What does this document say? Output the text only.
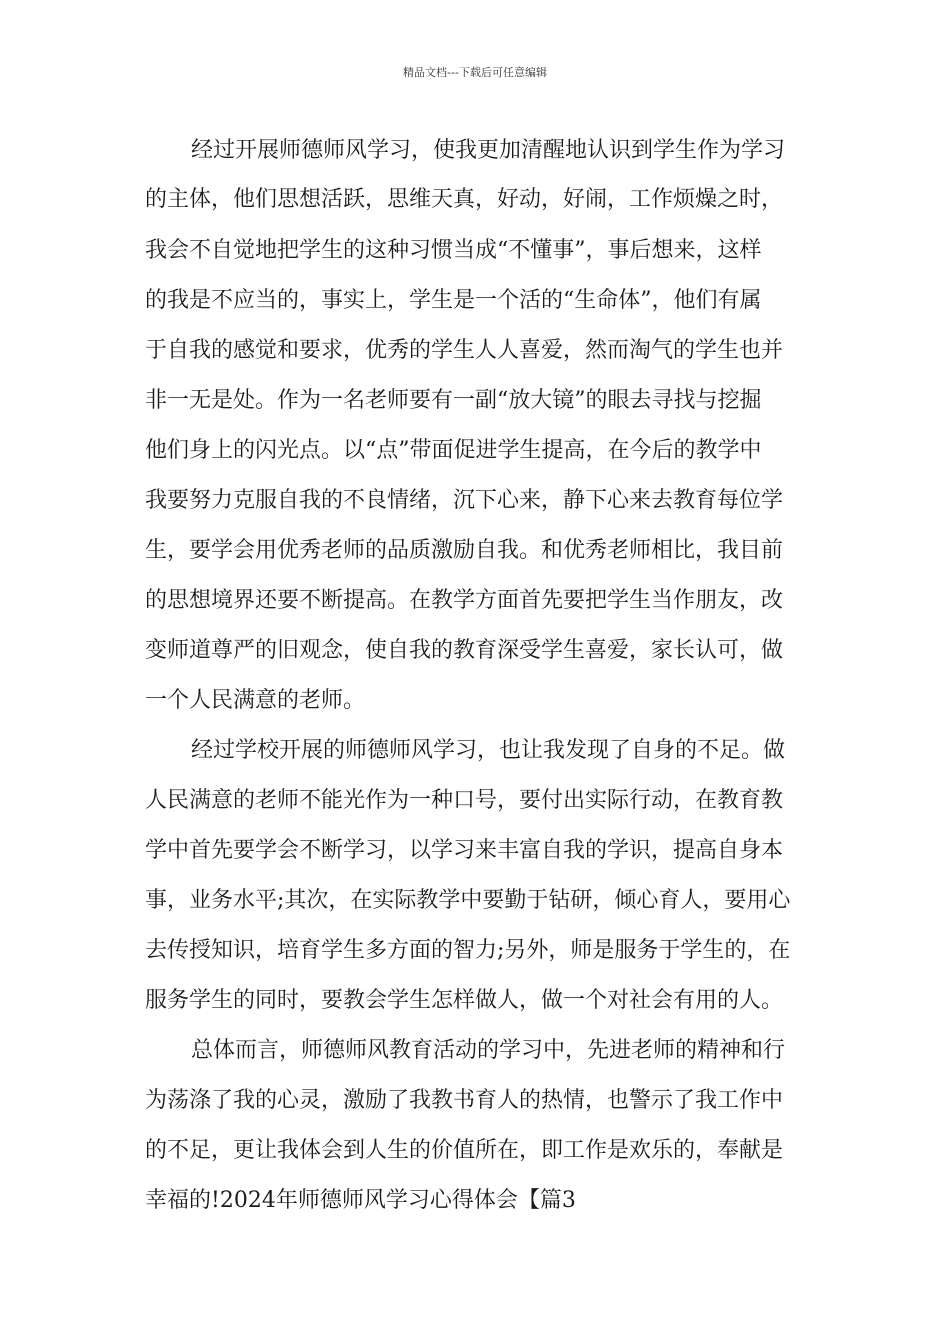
精品文档---下载后可任意编辑
经过开展师德师风学习，使我更加清醒地认识到学生作为学习
的主体，他们思想活跃，思维天真，好动，好闹，工作烦燥之时，
我会不自觉地把学生的这种习惯当成“不懂事”，事后想来，这样
的我是不应当的，事实上，学生是一个活的“生命体”，他们有属
于自我的感觉和要求，优秀的学生人人喜爱，然而淘气的学生也并
非一无是处。作为一名老师要有一副“放大镜”的眼去寻找与挖掘
他们身上的闪光点。以“点”带面促进学生提高，在今后的教学中
我要努力克服自我的不良情绪，沉下心来，静下心来去教育每位学
生，要学会用优秀老师的品质激励自我。和优秀老师相比，我目前
的思想境界还要不断提高。在教学方面首先要把学生当作朋友，改
变师道尊严的旧观念，使自我的教育深受学生喜爱，家长认可，做
一个人民满意的老师。
经过学校开展的师德师风学习，也让我发现了自身的不足。做
人民满意的老师不能光作为一种口号，要付出实际行动，在教育教
学中首先要学会不断学习，以学习来丰富自我的学识，提高自身本
事，业务水平;其次，在实际教学中要勤于钻研，倾心育人，要用心
去传授知识，培育学生多方面的智力;另外，师是服务于学生的，在
服务学生的同时，要教会学生怎样做人，做一个对社会有用的人。
总体而言，师德师风教育活动的学习中，先进老师的精神和行
为荡涤了我的心灵，激励了我教书育人的热情，也警示了我工作中
的不足，更让我体会到人生的价值所在，即工作是欢乐的，奉献是
幸福的!2024年师德师风学习心得体会【篇3
